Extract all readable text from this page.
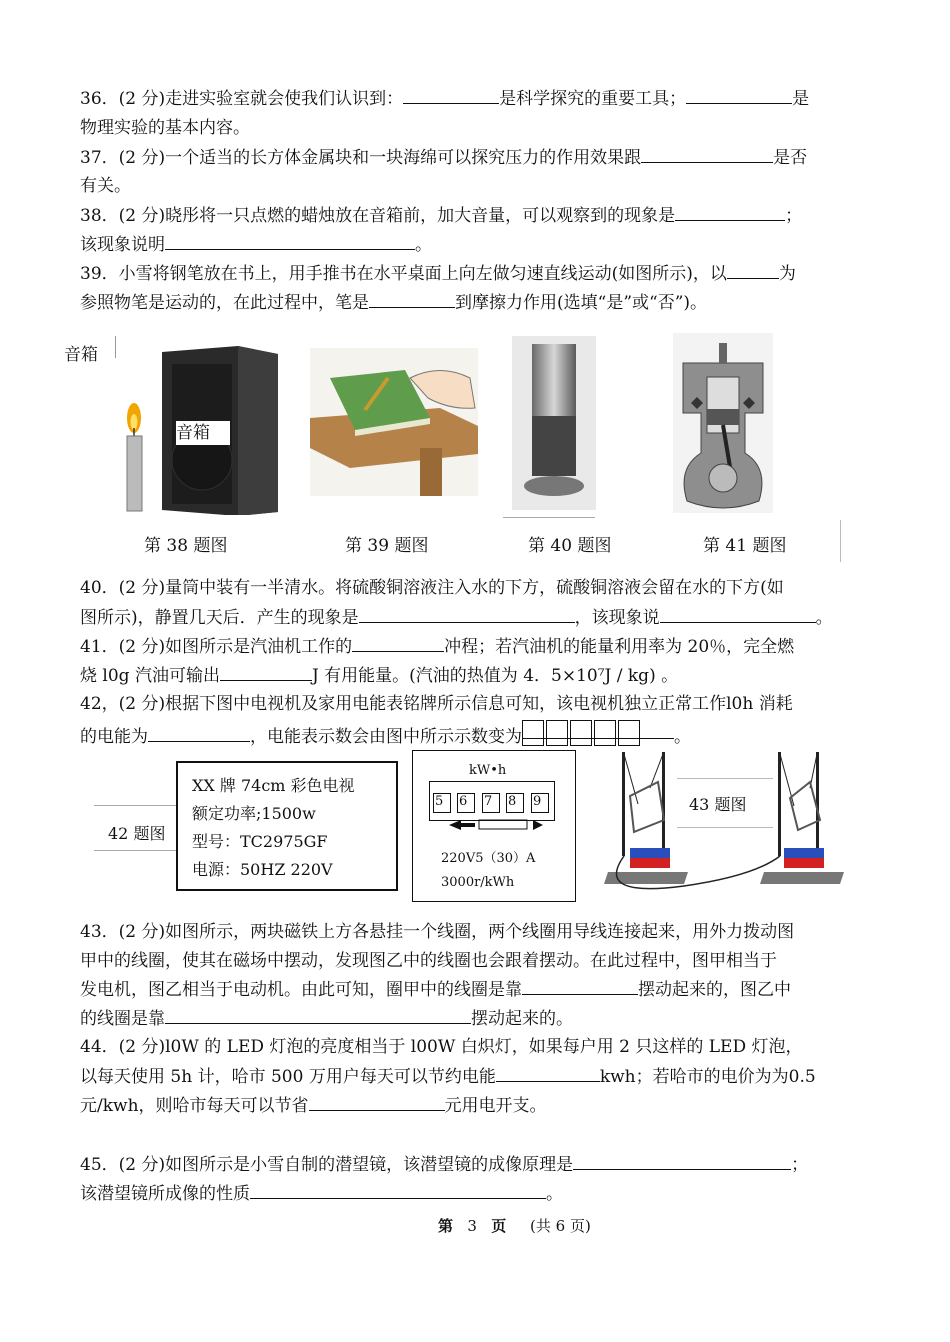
36．(2 分)走进实验室就会使我们认识到：	是科学探究的重要工具；	是
物理实验的基本内容。
37．(2 分)一个适当的长方体金属块和一块海绵可以探究压力的作用效果跟	是否
有关。
38．(2 分)晓彤将一只点燃的蜡烛放在音箱前，加大音量，可以观察到的现象是	；
该现象说明	。
39．小雪将钢笔放在书上，用手推书在水平桌面上向左做匀速直线运动(如图所示)，以	为
参照物笔是运动的，在此过程中，笔是	到摩擦力作用(选填“是”或“否”)。
音箱
音箱
第 38 题图	第 39 题图	第 40 题图	第 41 题图
40．(2 分)量筒中装有一半清水。将硫酸铜溶液注入水的下方，硫酸铜溶液会留在水的下方(如
图所示)，静置几天后．产生的现象是	，该现象说	。
41．(2 分)如图所示是汽油机工作的	冲程；若汽油机的能量利用率为 20％，完全燃
烧 l0g 汽油可输出	J 有用能量。(汽油的热值为 4．5×10⁷J / kg) 。
42，(2 分)根据下图中电视机及家用电能表铭牌所示信息可知，该电视机独立正常工作l0h 消耗
的电能为	，电能表示数会由图中所示示数变为	。
42 题图
XX 牌 74cm 彩色电视
额定功率;1500w
型号：TC2975GF
电源：50HZ 220V
kW•h
5	6	7	8	9
220V5（30）A
3000r/kWh
43 题图
43．(2 分)如图所示，两块磁铁上方各悬挂一个线圈，两个线圈用导线连接起来，用外力拨动图
甲中的线圈，使其在磁场中摆动，发现图乙中的线圈也会跟着摆动。在此过程中，图甲相当于
发电机，图乙相当于电动机。由此可知，圈甲中的线圈是靠	摆动起来的，图乙中
的线圈是靠	摆动起来的。
44．(2 分)l0W 的 LED 灯泡的亮度相当于 l00W 白炽灯，如果每户用 2 只这样的 LED 灯泡，
以每天使用 5h 计，哈市 500 万用户每天可以节约电能	kwh；若哈市的电价为为0.5
元/kwh，则哈市每天可以节省	元用电开支。
45．(2 分)如图所示是小雪自制的潜望镜，该潜望镜的成像原理是	；
该潜望镜所成像的性质	。
第 3 页 (共 6 页)
